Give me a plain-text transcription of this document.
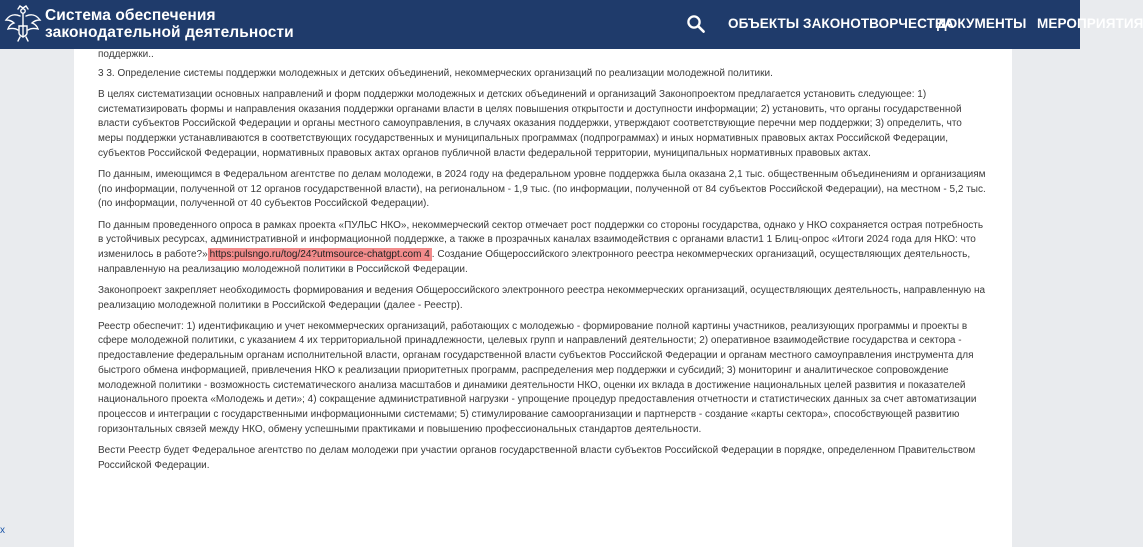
Система обеспечения
законодательной деятельности
ОБЪЕКТЫ ЗАКОНОТВОРЧЕСТВА
ДОКУМЕНТЫ МЕРОПРИЯТИЯ

поддержки..

3 3. Определение системы поддержки молодежных и детских объединений, некоммерческих организаций по реализации молодежной политики.

В целях систематизации основных направлений и форм поддержки молодежных и детских объединений и организаций Законопроектом предлагается установить следующее: 1) систематизировать формы и направления оказания поддержки органами власти в целях повышения открытости и доступности информации; 2) установить, что органы государственной власти субъектов Российской Федерации и органы местного самоуправления, в случаях оказания поддержки, утверждают соответствующие перечни мер поддержки; 3) определить, что меры поддержки устанавливаются в соответствующих государственных и муниципальных программах (подпрограммах) и иных нормативных правовых актах Российской Федерации, субъектов Российской Федерации, нормативных правовых актах органов публичной власти федеральной территории, муниципальных нормативных правовых актах.

По данным, имеющимся в Федеральном агентстве по делам молодежи, в 2024 году на федеральном уровне поддержка была оказана 2,1 тыс. общественным объединениям и организациям (по информации, полученной от 12 органов государственной власти), на региональном - 1,9 тыс. (по информации, полученной от 84 субъектов Российской Федерации), на местном - 5,2 тыс. (по информации, полученной от 40 субъектов Российской Федерации).

По данным проведенного опроса в рамках проекта «ПУЛЬС НКО», некоммерческий сектор отмечает рост поддержки со стороны государства, однако у НКО сохраняется острая потребность в устойчивых ресурсах, административной и информационной поддержке, а также в прозрачных каналах взаимодействия с органами власти1 1 Блиц-опрос «Итоги 2024 года для НКО: что изменилось в работе?» https:pulsngo.ru/tog/24?utmsource-chatgpt.com 4 . Создание Общероссийского электронного реестра некоммерческих организаций, осуществляющих деятельность, направленную на реализацию молодежной политики в Российской Федерации.

Законопроект закрепляет необходимость формирования и ведения Общероссийского электронного реестра некоммерческих организаций, осуществляющих деятельность, направленную на реализацию молодежной политики в Российской Федерации (далее - Реестр).

Реестр обеспечит: 1) идентификацию и учет некоммерческих организаций, работающих с молодежью - формирование полной картины участников, реализующих программы и проекты в сфере молодежной политики, с указанием 4 их территориальной принадлежности, целевых групп и направлений деятельности; 2) оперативное взаимодействие государства и сектора - предоставление федеральным органам исполнительной власти, органам государственной власти субъектов Российской Федерации и органам местного самоуправления инструмента для быстрого обмена информацией, привлечения НКО к реализации приоритетных программ, распределения мер поддержки и субсидий; 3) мониторинг и аналитическое сопровождение молодежной политики - возможность систематического анализа масштабов и динамики деятельности НКО, оценки их вклада в достижение национальных целей развития и показателей национального проекта «Молодежь и дети»; 4) сокращение административной нагрузки - упрощение процедур предоставления отчетности и статистических данных за счет автоматизации процессов и интеграции с государственными информационными системами; 5) стимулирование самоорганизации и партнерств - создание «карты сектора», способствующей развитию горизонтальных связей между НКО, обмену успешными практиками и повышению профессиональных стандартов деятельности.

Вести Реестр будет Федеральное агентство по делам молодежи при участии органов государственной власти субъектов Российской Федерации в порядке, определенном Правительством Российской Федерации.

х
